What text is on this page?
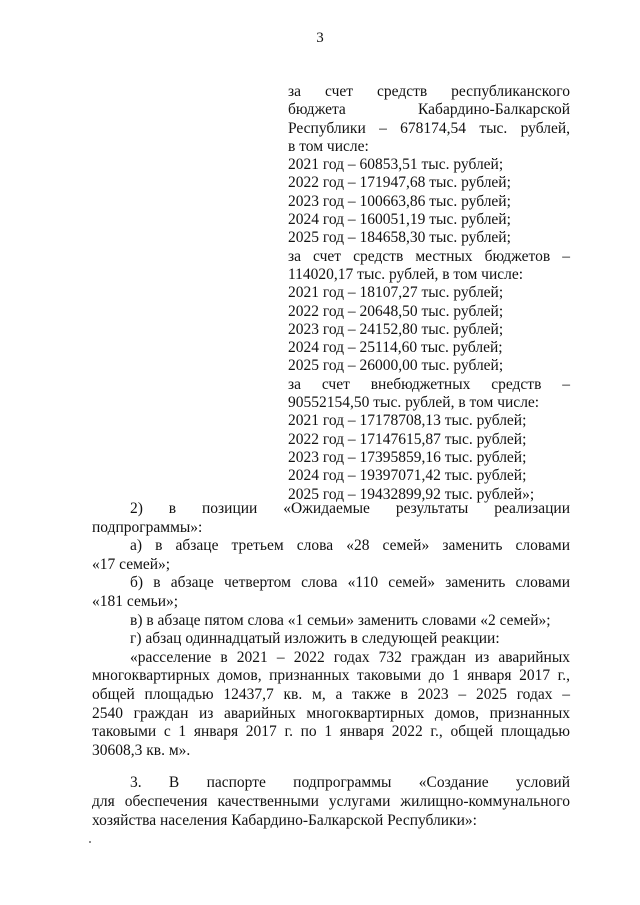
3
за счет средств республиканского
бюджета Кабардино-Балкарской
Республики – 678174,54 тыс. рублей,
в том числе:
2021 год – 60853,51 тыс. рублей;
2022 год – 171947,68 тыс. рублей;
2023 год – 100663,86 тыс. рублей;
2024 год – 160051,19 тыс. рублей;
2025 год – 184658,30 тыс. рублей;
за счет средств местных бюджетов –
114020,17 тыс. рублей, в том числе:
2021 год – 18107,27 тыс. рублей;
2022 год – 20648,50 тыс. рублей;
2023 год – 24152,80 тыс. рублей;
2024 год – 25114,60 тыс. рублей;
2025 год – 26000,00 тыс. рублей;
за счет внебюджетных средств –
90552154,50 тыс. рублей, в том числе:
2021 год – 17178708,13 тыс. рублей;
2022 год – 17147615,87 тыс. рублей;
2023 год – 17395859,16 тыс. рублей;
2024 год – 19397071,42 тыс. рублей;
2025 год – 19432899,92 тыс. рублей»;
2) в позиции «Ожидаемые результаты реализации
подпрограммы»:
а) в абзаце третьем слова «28 семей» заменить словами
«17 семей»;
б) в абзаце четвертом слова «110 семей» заменить словами
«181 семьи»;
в) в абзаце пятом слова «1 семьи» заменить словами «2 семей»;
г) абзац одиннадцатый изложить в следующей реакции:
«расселение в 2021 – 2022 годах 732 граждан из аварийных
многоквартирных домов, признанных таковыми до 1 января 2017 г.,
общей площадью 12437,7 кв. м, а также в 2023 – 2025 годах –
2540 граждан из аварийных многоквартирных домов, признанных
таковыми с 1 января 2017 г. по 1 января 2022 г., общей площадью
30608,3 кв. м».
3. В паспорте подпрограммы «Создание условий
для обеспечения качественными услугами жилищно-коммунального
хозяйства населения Кабардино-Балкарской Республики»:
